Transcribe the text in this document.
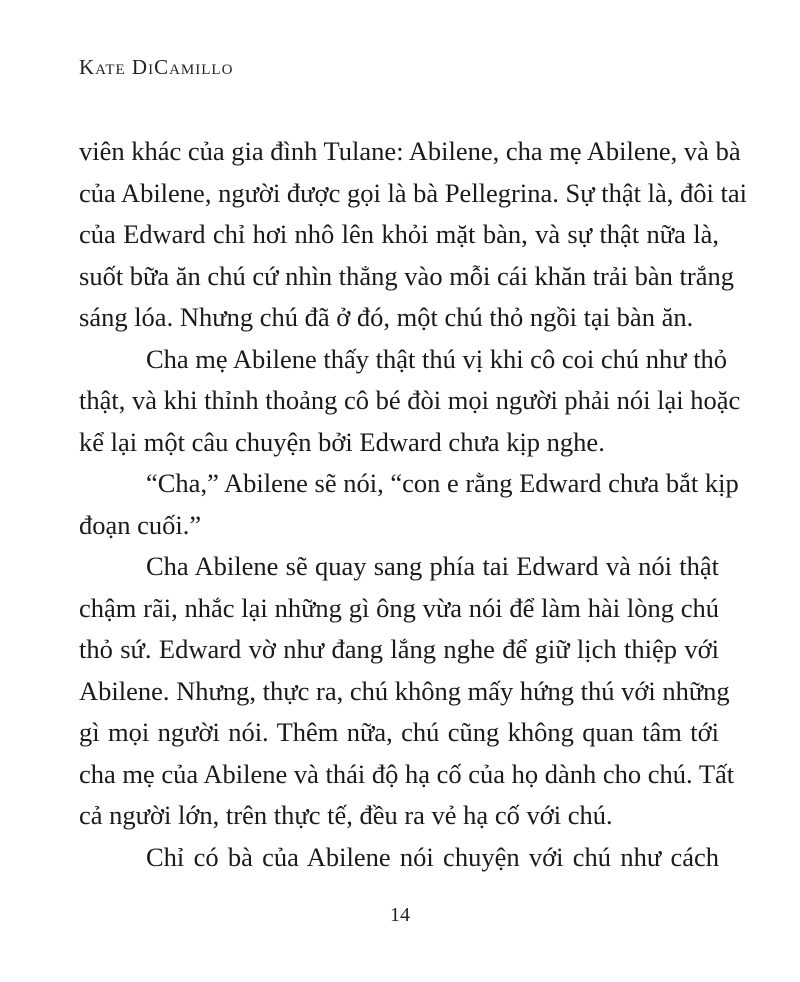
Kate DiCamillo
viên khác của gia đình Tulane: Abilene, cha mẹ Abilene, và bà
của Abilene, người được gọi là bà Pellegrina. Sự thật là, đôi tai
của Edward chỉ hơi nhô lên khỏi mặt bàn, và sự thật nữa là,
suốt bữa ăn chú cứ nhìn thẳng vào mỗi cái khăn trải bàn trắng
sáng lóa. Nhưng chú đã ở đó, một chú thỏ ngồi tại bàn ăn.
Cha mẹ Abilene thấy thật thú vị khi cô coi chú như thỏ
thật, và khi thỉnh thoảng cô bé đòi mọi người phải nói lại hoặc
kể lại một câu chuyện bởi Edward chưa kịp nghe.
“Cha,” Abilene sẽ nói, “con e rằng Edward chưa bắt kịp
đoạn cuối.”
Cha Abilene sẽ quay sang phía tai Edward và nói thật
chậm rãi, nhắc lại những gì ông vừa nói để làm hài lòng chú
thỏ sứ. Edward vờ như đang lắng nghe để giữ lịch thiệp với
Abilene. Nhưng, thực ra, chú không mấy hứng thú với những
gì mọi người nói. Thêm nữa, chú cũng không quan tâm tới
cha mẹ của Abilene và thái độ hạ cố của họ dành cho chú. Tất
cả người lớn, trên thực tế, đều ra vẻ hạ cố với chú.
Chỉ có bà của Abilene nói chuyện với chú như cách
14
